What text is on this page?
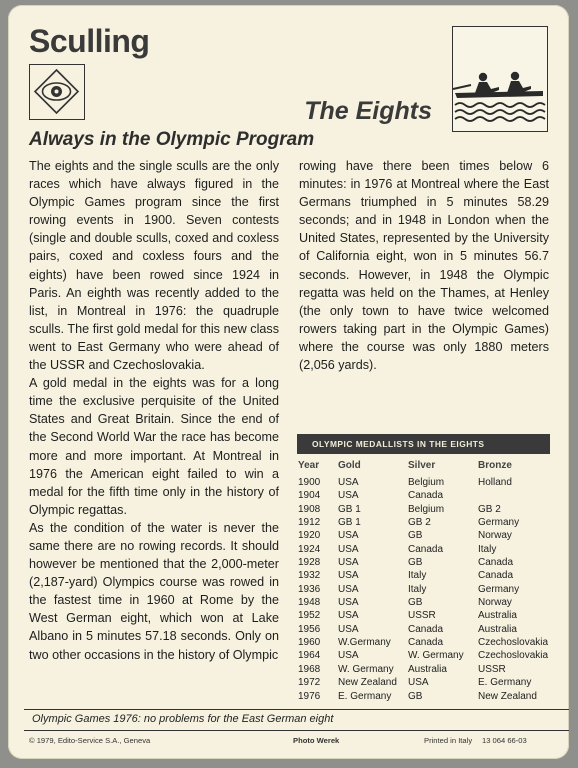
Sculling
The Eights
Always in the Olympic Program

The eights and the single sculls are the only races which have always figured in the Olympic Games program since the first rowing events in 1900. Seven contests (single and double sculls, coxed and coxless pairs, coxed and coxless fours and the eights) have been rowed since 1924 in Paris. An eighth was recently added to the list, in Montreal in 1976: the quadruple sculls. The first gold medal for this new class went to East Germany who were ahead of the USSR and Czechoslovakia.

A gold medal in the eights was for a long time the exclusive perquisite of the United States and Great Britain. Since the end of the Second World War the race has become more and more important. At Montreal in 1976 the American eight failed to win a medal for the fifth time only in the history of Olympic regattas.

As the condition of the water is never the same there are no rowing records. It should however be mentioned that the 2,000-meter (2,187-yard) Olympics course was rowed in the fastest time in 1960 at Rome by the West German eight, which won at Lake Albano in 5 minutes 57.18 seconds. Only on two other occasions in the history of Olympic

rowing have there been times below 6 minutes: in 1976 at Montreal where the East Germans triumphed in 5 minutes 58.29 seconds; and in 1948 in London when the United States, represented by the University of California eight, won in 5 minutes 56.7 seconds. However, in 1948 the Olympic regatta was held on the Thames, at Henley (the only town to have twice welcomed rowers taking part in the Olympic Games) where the course was only 1880 meters (2,056 yards).

OLYMPIC MEDALLISTS IN THE EIGHTS
Year	Gold	Silver	Bronze
1900	USA	Belgium	Holland
1904	USA	Canada	
1908	GB 1	Belgium	GB 2
1912	GB 1	GB 2	Germany
1920	USA	GB	Norway
1924	USA	Canada	Italy
1928	USA	GB	Canada
1932	USA	Italy	Canada
1936	USA	Italy	Germany
1948	USA	GB	Norway
1952	USA	USSR	Australia
1956	USA	Canada	Australia
1960	W.Germany	Canada	Czechoslovakia
1964	USA	W. Germany	Czechoslovakia
1968	W. Germany	Australia	USSR
1972	New Zealand	USA	E. Germany
1976	E. Germany	GB	New Zealand
Olympic Games 1976: no problems for the East German eight
© 1979, Edito-Service S.A., Geneva	Photo Werek	Printed in Italy 13 064 66-03
